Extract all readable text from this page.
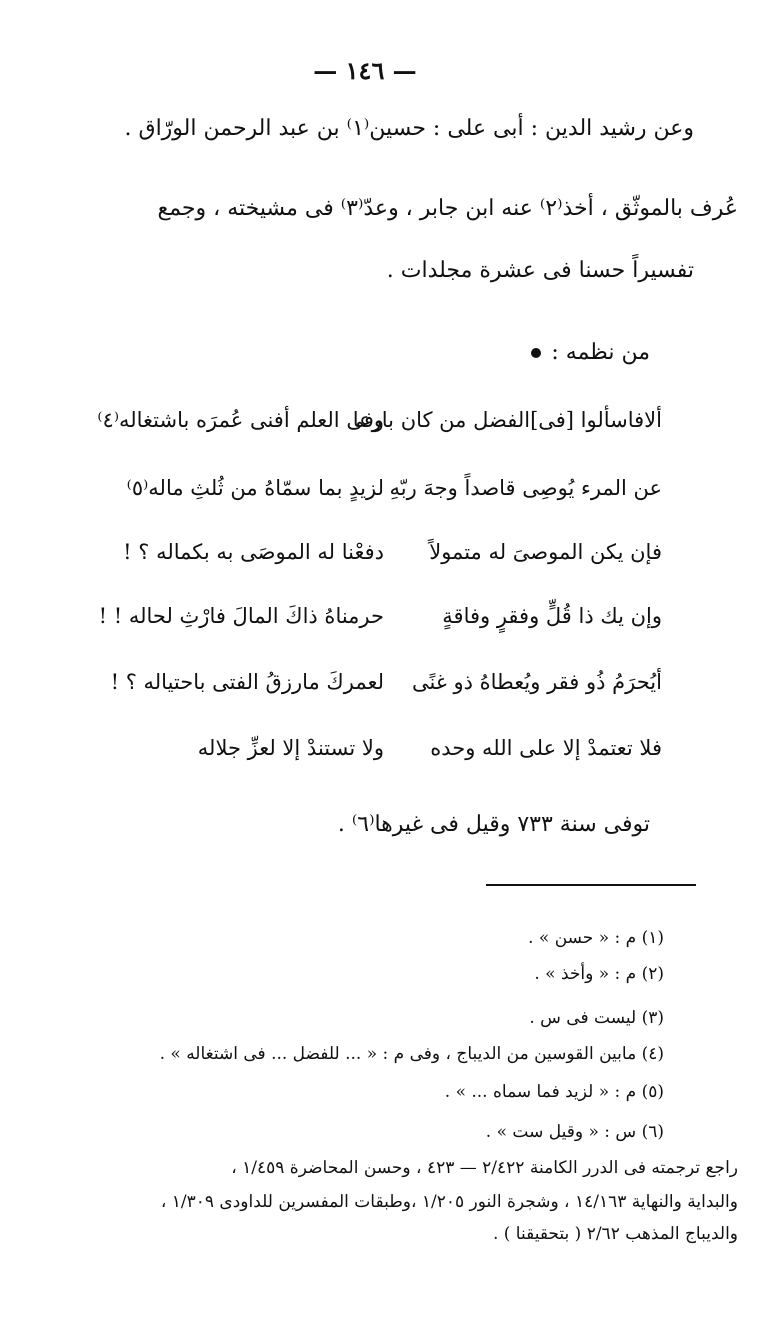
— ١٤٦ —
وعن رشيد الدين : أبى على : حسين⁽١⁾ بن عبد الرحمن الورّاق .
عُرف بالموثّق ، أخذ⁽٢⁾ عنه ابن جابر ، وعدّ⁽٣⁾ فى مشيخته ، وجمع
تفسيراً حسنا فى عشرة مجلدات .
من نظمه :
ألافاسألوا [فى]الفضل من كان بارعا
وفى العلم أفنى عُمرَه باشتغاله⁽٤⁾
عن المرء يُوصِى قاصداً وجهَ ربّهِ
لزيدٍ بما سمّاهُ من ثُلثِ ماله⁽٥⁾
فإن يكن الموصىَ له متمولاً
دفعْنا له الموصَى به بكماله ؟ !
وإن يك ذا قُلٍّ وفقرٍ وفاقةٍ
حرمناهُ ذاكَ المالَ فارْثِ لحاله ! !
أيُحرَمُ ذُو فقر ويُعطاهُ ذو غنًى
لعمركَ مارزقُ الفتى باحتياله ؟ !
فلا تعتمدْ إلا على الله وحده
ولا تستندْ إلا لعزِّ جلاله
توفى سنة ٧٣٣ وقيل فى غيرها⁽٦⁾ .
(١) م : « حسن » .
(٢) م : « وأخذ » .
(٣) ليست فى س .
(٤) مابين القوسين من الديباج ، وفى م : « ... للفضل ... فى اشتغاله » .
(٥) م : « لزيد فما سماه ... » .
(٦) س : « وقيل ست » .
راجع ترجمته فى الدرر الكامنة ٢/٤٢٢ — ٤٢٣ ، وحسن المحاضرة ١/٤٥٩ ،
والبداية والنهاية ١٤/١٦٣ ، وشجرة النور ١/٢٠٥ ،وطبقات المفسرين للداودى ١/٣٠٩ ،
والديباج المذهب ٢/٦٢ ( بتحقيقنا ) .
